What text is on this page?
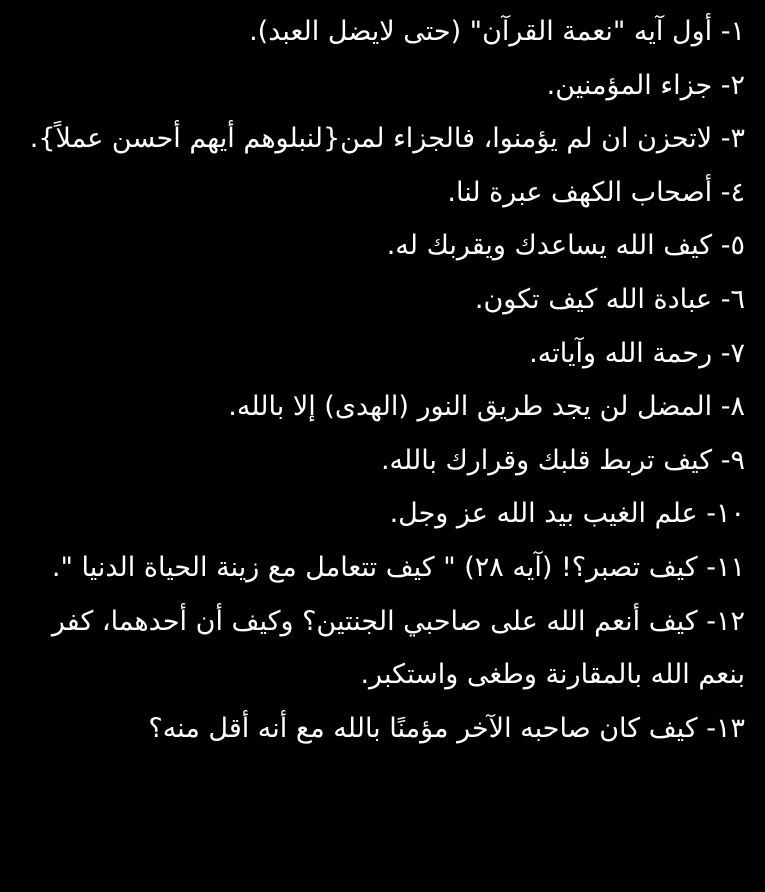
١- أول آيه "نعمة القرآن" (حتى لايضل العبد).

٢- جزاء المؤمنين.

٣- لاتحزن ان لم يؤمنوا، فالجزاء لمن{لنبلوهم أيهم أحسن عملاً}.

٤- أصحاب الكهف عبرة لنا.

٥- كيف الله يساعدك ويقربك له.

٦- عبادة الله كيف تكون.

٧- رحمة الله وآياته.

٨- المضل لن يجد طريق النور (الهدى) إلا بالله.

٩- كيف تربط قلبك وقرارك بالله.

١٠- علم الغيب بيد الله عز وجل.

١١- كيف تصبر؟! (آيه ٢٨) " كيف تتعامل مع زينة الحياة الدنيا ".

١٢- كيف أنعم الله على صاحبي الجنتين؟ وكيف أن أحدهما، كفر بنعم الله بالمقارنة وطغى واستكبر.

١٣- كيف كان صاحبه الآخر مؤمنًا بالله مع أنه أقل منه؟
